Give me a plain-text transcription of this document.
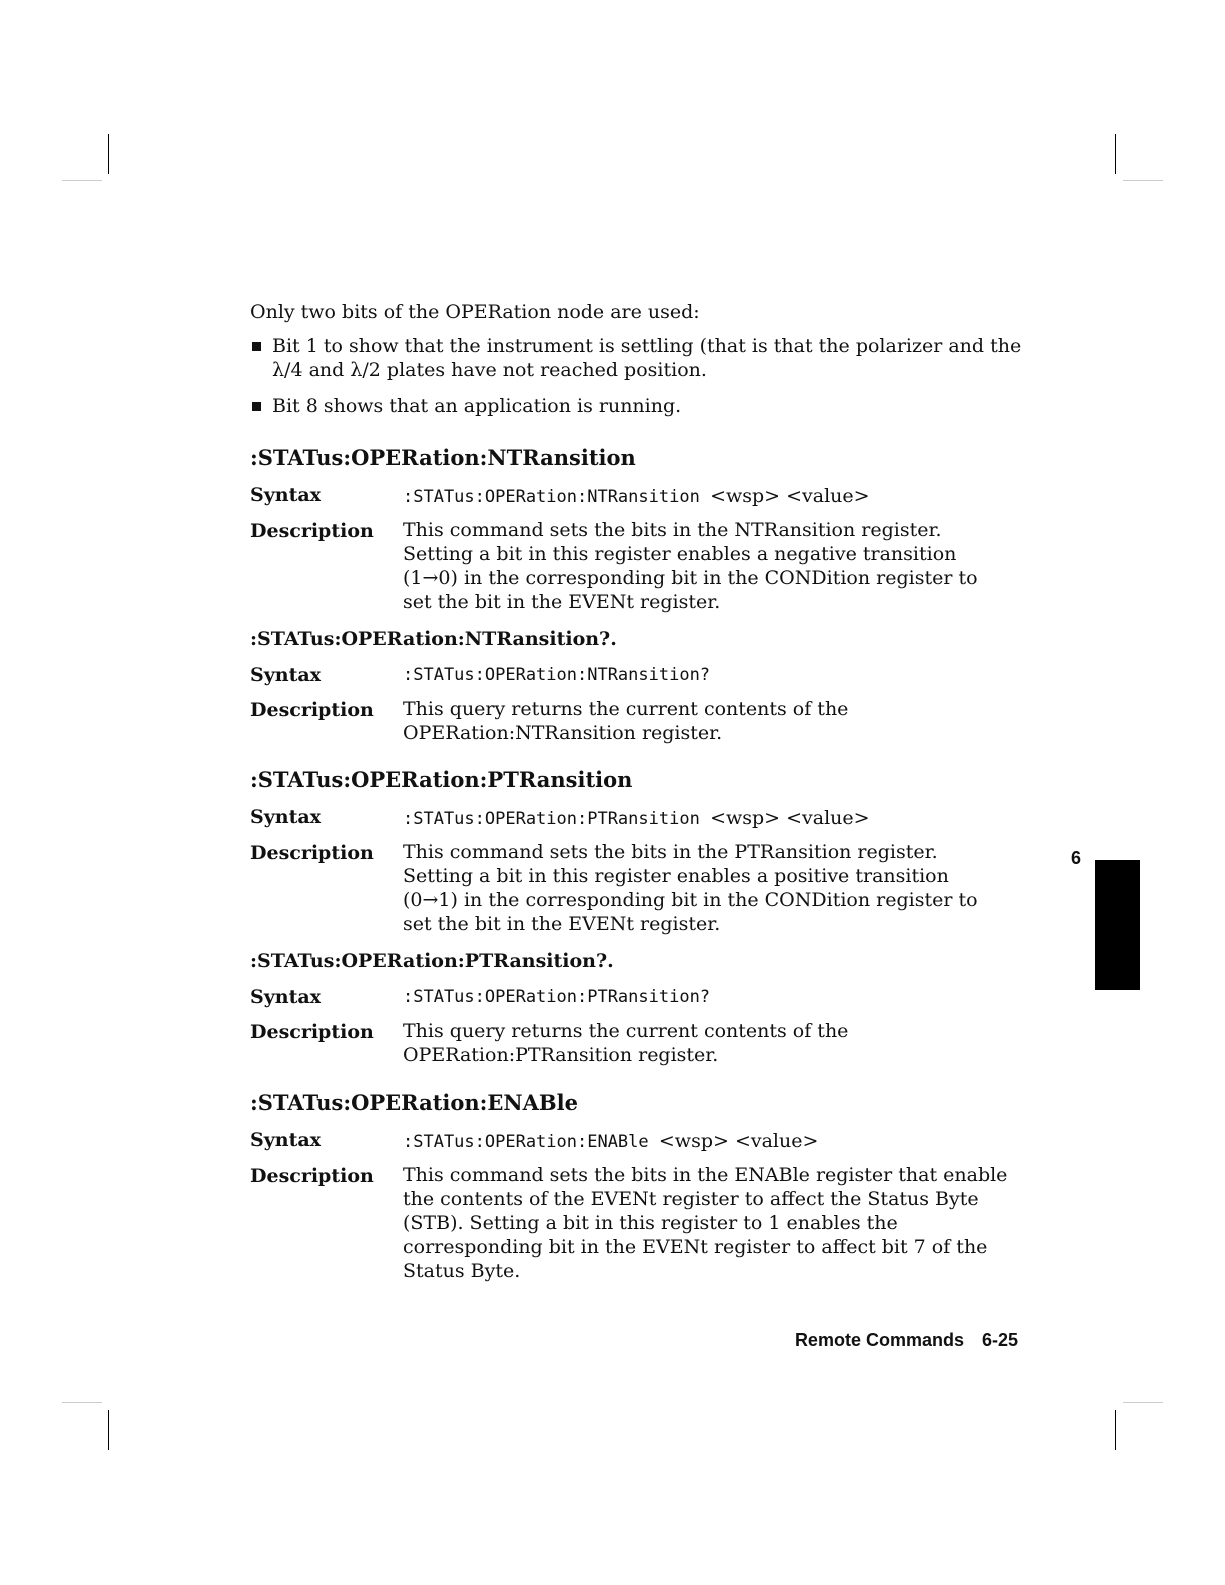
Only two bits of the OPERation node are used:
Bit 1 to show that the instrument is settling (that is that the polarizer and the λ/4 and λ/2 plates have not reached position.
Bit 8 shows that an application is running.
:STATus:OPERation:NTRansition
Syntax	:STATus:OPERation:NTRansition <wsp> <value>
Description This command sets the bits in the NTRansition register. Setting a bit in this register enables a negative transition (1→0) in the corresponding bit in the CONDition register to set the bit in the EVENt register.
:STATus:OPERation:NTRansition?.
Syntax	:STATus:OPERation:NTRansition?
Description This query returns the current contents of the OPERation:NTRansition register.
:STATus:OPERation:PTRansition
Syntax	:STATus:OPERation:PTRansition <wsp> <value>
Description This command sets the bits in the PTRansition register. Setting a bit in this register enables a positive transition (0→1) in the corresponding bit in the CONDition register to set the bit in the EVENt register.
:STATus:OPERation:PTRansition?.
Syntax	:STATus:OPERation:PTRansition?
Description This query returns the current contents of the OPERation:PTRansition register.
:STATus:OPERation:ENABle
Syntax	:STATus:OPERation:ENABle <wsp> <value>
Description This command sets the bits in the ENABle register that enable the contents of the EVENt register to affect the Status Byte (STB). Setting a bit in this register to 1 enables the corresponding bit in the EVENt register to affect bit 7 of the Status Byte.
6
Remote Commands 6-25
